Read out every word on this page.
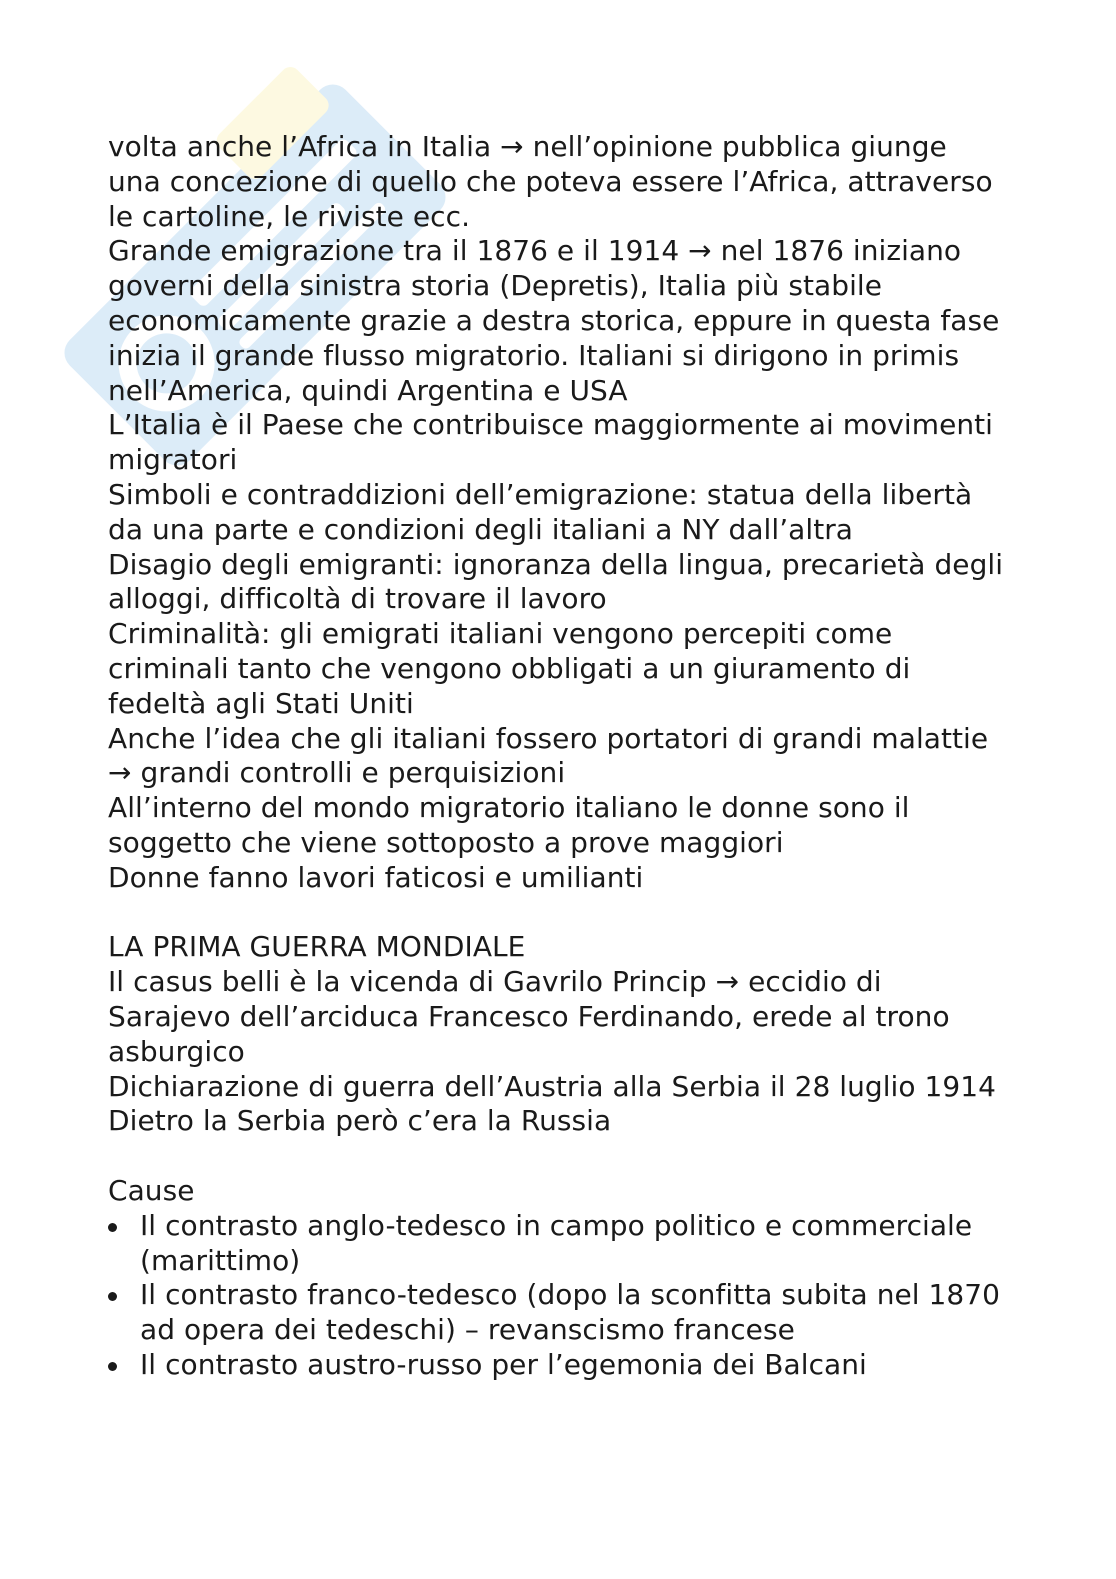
volta anche l’Africa in Italia → nell’opinione pubblica giunge una concezione di quello che poteva essere l’Africa, attraverso le cartoline, le riviste ecc.

Grande emigrazione tra il 1876 e il 1914 → nel 1876 iniziano governi della sinistra storia (Depretis), Italia più stabile economicamente grazie a destra storica, eppure in questa fase inizia il grande flusso migratorio. Italiani si dirigono in primis nell’America, quindi Argentina e USA

L’Italia è il Paese che contribuisce maggiormente ai movimenti migratori

Simboli e contraddizioni dell’emigrazione: statua della libertà da una parte e condizioni degli italiani a NY dall’altra

Disagio degli emigranti: ignoranza della lingua, precarietà degli alloggi, difficoltà di trovare il lavoro

Criminalità: gli emigrati italiani vengono percepiti come criminali tanto che vengono obbligati a un giuramento di fedeltà agli Stati Uniti

Anche l’idea che gli italiani fossero portatori di grandi malattie → grandi controlli e perquisizioni

All’interno del mondo migratorio italiano le donne sono il soggetto che viene sottoposto a prove maggiori

Donne fanno lavori faticosi e umilianti

LA PRIMA GUERRA MONDIALE

Il casus belli è la vicenda di Gavrilo Princip → eccidio di Sarajevo dell’arciduca Francesco Ferdinando, erede al trono asburgico

Dichiarazione di guerra dell’Austria alla Serbia il 28 luglio 1914

Dietro la Serbia però c’era la Russia

Cause

Il contrasto anglo-tedesco in campo politico e commerciale (marittimo)
Il contrasto franco-tedesco (dopo la sconfitta subita nel 1870 ad opera dei tedeschi) – revanscismo francese
Il contrasto austro-russo per l’egemonia dei Balcani
